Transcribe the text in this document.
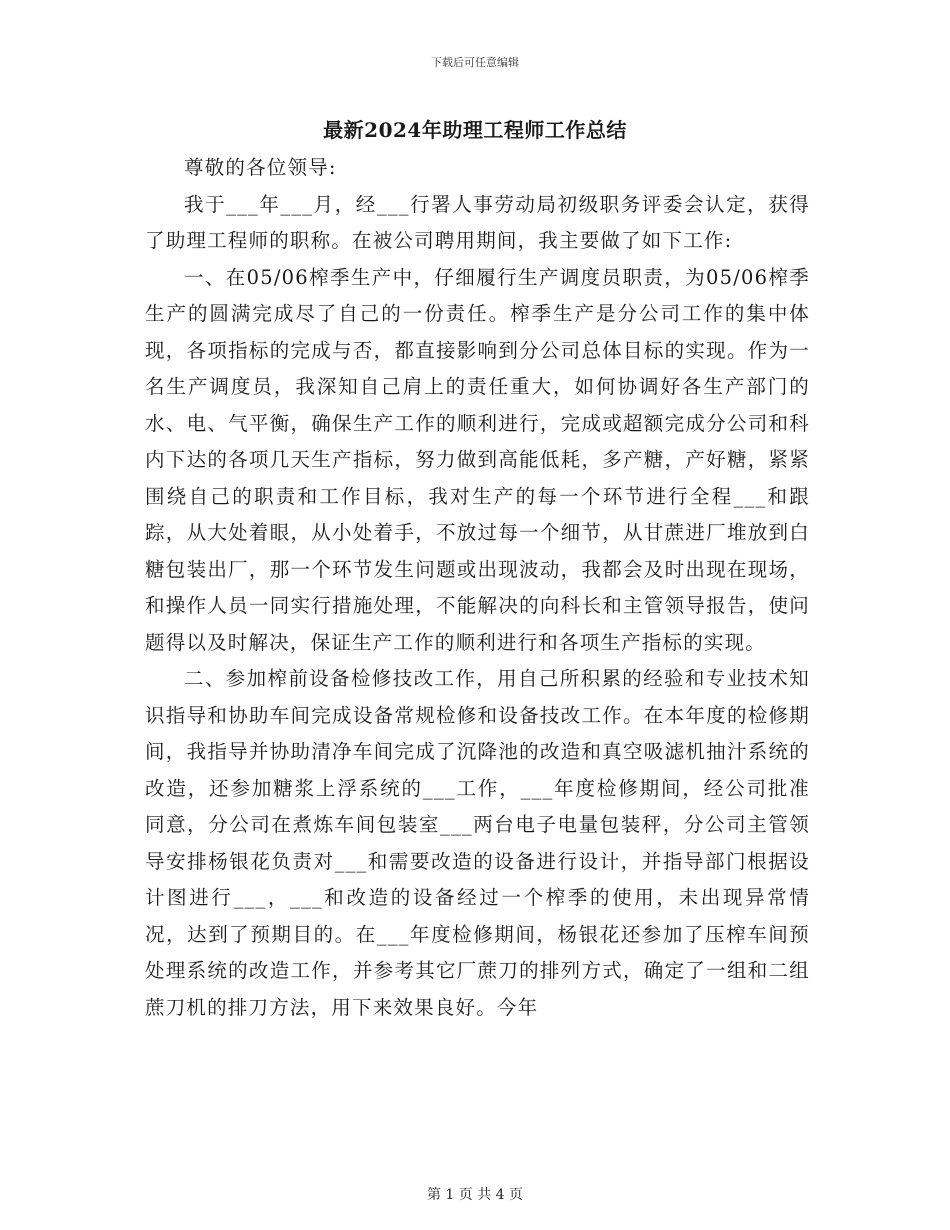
下载后可任意编辑
最新2024年助理工程师工作总结

尊敬的各位领导:

我于___年___月，经___行署人事劳动局初级职务评委会认定，获得了助理工程师的职称。在被公司聘用期间，我主要做了如下工作:

一、在05/06榨季生产中，仔细履行生产调度员职责，为05/06榨季生产的圆满完成尽了自己的一份责任。榨季生产是分公司工作的集中体现，各项指标的完成与否，都直接影响到分公司总体目标的实现。作为一名生产调度员，我深知自己肩上的责任重大，如何协调好各生产部门的水、电、气平衡，确保生产工作的顺利进行，完成或超额完成分公司和科内下达的各项几天生产指标，努力做到高能低耗，多产糖，产好糖，紧紧围绕自己的职责和工作目标，我对生产的每一个环节进行全程___和跟踪，从大处着眼，从小处着手，不放过每一个细节，从甘蔗进厂堆放到白糖包装出厂，那一个环节发生问题或出现波动，我都会及时出现在现场，和操作人员一同实行措施处理，不能解决的向科长和主管领导报告，使问题得以及时解决，保证生产工作的顺利进行和各项生产指标的实现。

二、参加榨前设备检修技改工作，用自己所积累的经验和专业技术知识指导和协助车间完成设备常规检修和设备技改工作。在本年度的检修期间，我指导并协助清净车间完成了沉降池的改造和真空吸滤机抽汁系统的改造，还参加糖浆上浮系统的___工作，___年度检修期间，经公司批准同意，分公司在煮炼车间包装室___两台电子电量包装秤，分公司主管领导安排杨银花负责对___和需要改造的设备进行设计，并指导部门根据设计图进行___，___和改造的设备经过一个榨季的使用，未出现异常情况，达到了预期目的。在___年度检修期间，杨银花还参加了压榨车间预处理系统的改造工作，并参考其它厂蔗刀的排列方式，确定了一组和二组蔗刀机的排刀方法，用下来效果良好。今年

第 1 页 共 4 页
